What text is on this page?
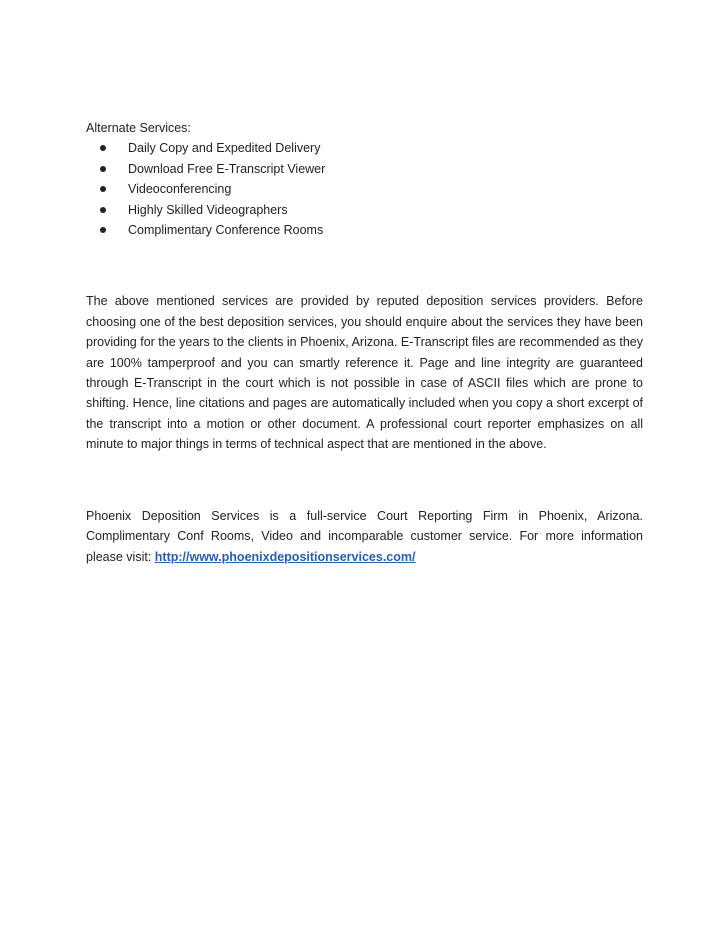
Alternate Services:

Daily Copy and Expedited Delivery
Download Free E-Transcript Viewer
Videoconferencing
Highly Skilled Videographers
Complimentary Conference Rooms

The above mentioned services are provided by reputed deposition services providers. Before choosing one of the best deposition services, you should enquire about the services they have been providing for the years to the clients in Phoenix, Arizona. E-Transcript files are recommended as they are 100% tamperproof and you can smartly reference it. Page and line integrity are guaranteed through E-Transcript in the court which is not possible in case of ASCII files which are prone to shifting. Hence, line citations and pages are automatically included when you copy a short excerpt of the transcript into a motion or other document. A professional court reporter emphasizes on all minute to major things in terms of technical aspect that are mentioned in the above.

Phoenix Deposition Services is a full-service Court Reporting Firm in Phoenix, Arizona. Complimentary Conf Rooms, Video and incomparable customer service. For more information please visit: http://www.phoenixdepositionservices.com/
